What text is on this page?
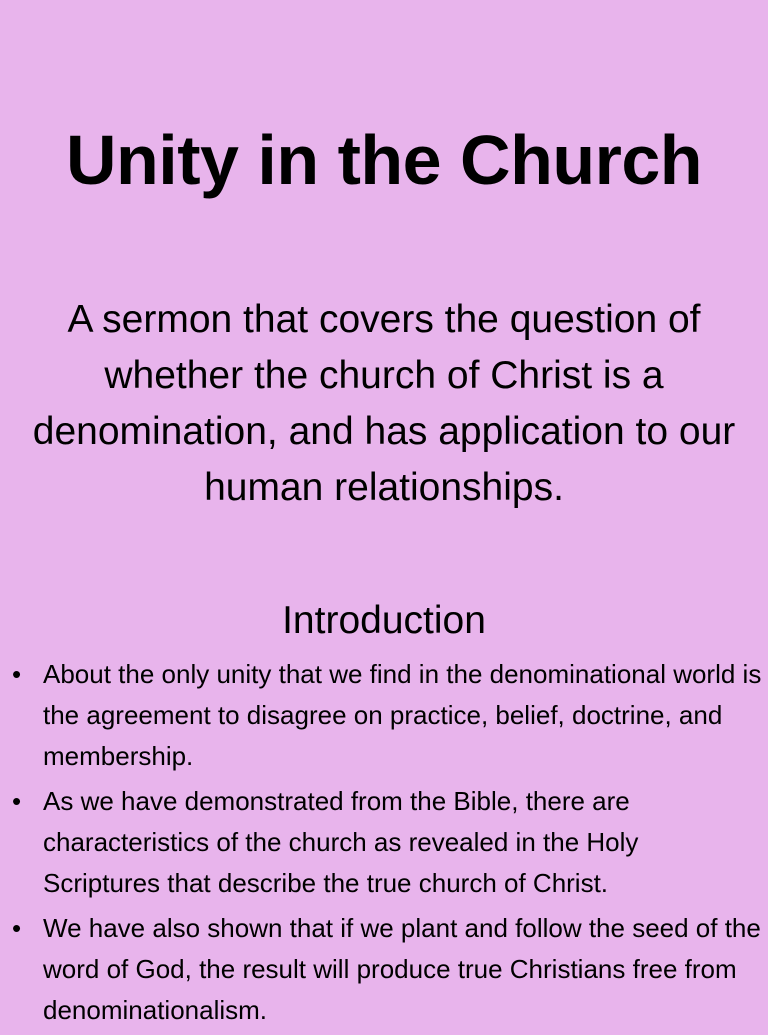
Unity in the Church
A sermon that covers the question of whether the church of Christ is a denomination, and has application to our human relationships.
Introduction
• About the only unity that we find in the denominational world is the agreement to disagree on practice, belief, doctrine, and membership.
• As we have demonstrated from the Bible, there are characteristics of the church as revealed in the Holy Scriptures that describe the true church of Christ.
• We have also shown that if we plant and follow the seed of the word of God, the result will produce true Christians free from denominationalism.
